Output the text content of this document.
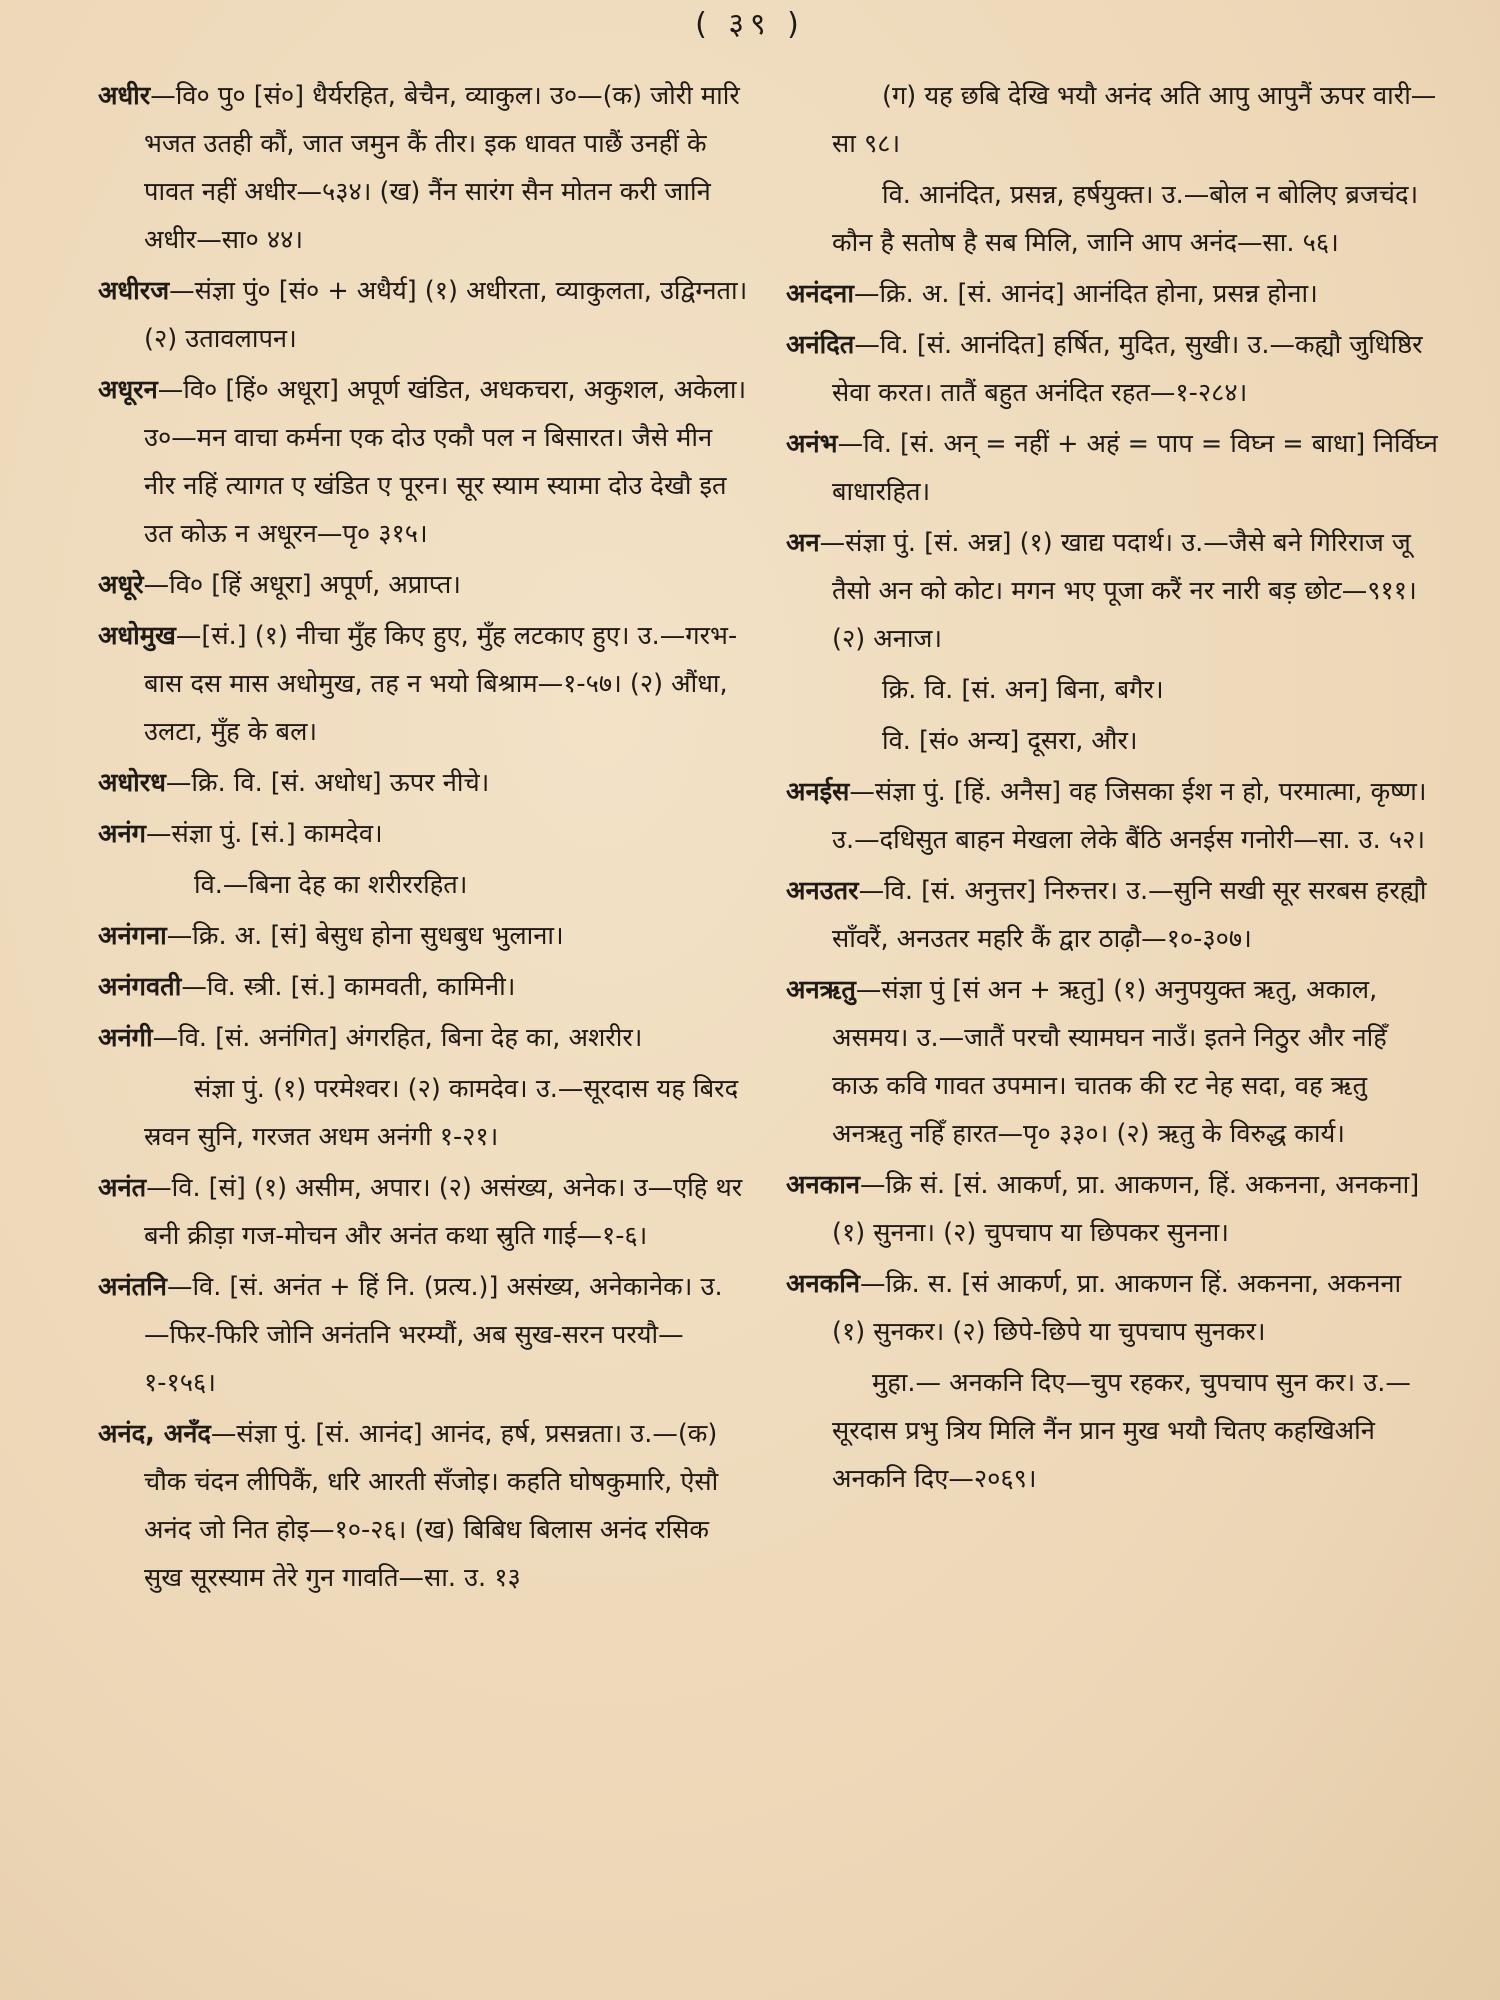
( ३९ )

अधीर—वि० पु० [सं०] धैर्यरहित, बेचैन, व्याकुल। उ०—(क) जोरी मारि भजत उतही कौं, जात जमुन कैं तीर। इक धावत पाछैं उनहीं के पावत नहीं अधीर—५३४। (ख) नैंन सारंग सैन मोतन करी जानि अधीर—सा० ४४।

अधीरज—संज्ञा पुं० [सं० + अधैर्य] (१) अधीरता, व्याकुलता, उद्विग्नता। (२) उतावलापन।

अधूरन—वि० [हिं० अधूरा] अपूर्ण खंडित, अधकचरा, अकुशल, अकेला। उ०—मन वाचा कर्मना एक दोउ एकौ पल न बिसारत। जैसे मीन नीर नहिं त्यागत ए खंडित ए पूरन। सूर स्याम स्यामा दोउ देखौ इत उत कोऊ न अधूरन—पृ० ३१५।

अधूरे—वि० [हिं अधूरा] अपूर्ण, अप्राप्त।

अधोमुख—[सं.] (१) नीचा मुँह किए हुए, मुँह लटकाए हुए। उ.—गरभ-बास दस मास अधोमुख, तह न भयो बिश्राम—१-५७। (२) औंधा, उलटा, मुँह के बल।

अधोरध—क्रि. वि. [सं. अधोध] ऊपर नीचे।

अनंग—संज्ञा पुं. [सं.] कामदेव।

वि.—बिना देह का शरीररहित।

अनंगना—क्रि. अ. [सं] बेसुध होना सुधबुध भुलाना।

अनंगवती—वि. स्त्री. [सं.] कामवती, कामिनी।

अनंगी—वि. [सं. अनंगित] अंगरहित, बिना देह का, अशरीर।

संज्ञा पुं. (१) परमेश्वर। (२) कामदेव। उ.—सूरदास यह बिरद स्रवन सुनि, गरजत अधम अनंगी १-२१।

अनंत—वि. [सं] (१) असीम, अपार। (२) असंख्य, अनेक। उ—एहि थर बनी क्रीड़ा गज-मोचन और अनंत कथा स्रुति गाई—१-६।

अनंतनि—वि. [सं. अनंत + हिं नि. (प्रत्य.)] असंख्य, अनेकानेक। उ.—फिर-फिरि जोनि अनंतनि भरम्यौं, अब सुख-सरन परयौ—१-१५६।

अनंद, अनँद—संज्ञा पुं. [सं. आनंद] आनंद, हर्ष, प्रसन्नता। उ.—(क) चौक चंदन लीपिकैं, धरि आरती सँजोइ। कहति घोषकुमारि, ऐसौ अनंद जो नित होइ—१०-२६। (ख) बिबिध बिलास अनंद रसिक सुख सूरस्याम तेरे गुन गावति—सा. उ. १३

(ग) यह छबि देखि भयौ अनंद अति आपु आपुनैं ऊपर वारी—सा ९८।

वि. आनंदित, प्रसन्न, हर्षयुक्त। उ.—बोल न बोलिए ब्रजचंद। कौन है सतोष है सब मिलि, जानि आप अनंद—सा. ५६।

अनंदना—क्रि. अ. [सं. आनंद] आनंदित होना, प्रसन्न होना।

अनंदित—वि. [सं. आनंदित] हर्षित, मुदित, सुखी। उ.—कह्यौ जुधिष्ठिर सेवा करत। तातैं बहुत अनंदित रहत—१-२८४।

अनंभ—वि. [सं. अन् = नहीं + अहं = पाप = विघ्न = बाधा] निर्विघ्न बाधारहित।

अन—संज्ञा पुं. [सं. अन्न] (१) खाद्य पदार्थ। उ.—जैसे बने गिरिराज जू तैसो अन को कोट। मगन भए पूजा करैं नर नारी बड़ छोट—९११। (२) अनाज।

क्रि. वि. [सं. अन] बिना, बगैर।

वि. [सं० अन्य] दूसरा, और।

अनईस—संज्ञा पुं. [हिं. अनैस] वह जिसका ईश न हो, परमात्मा, कृष्ण। उ.—दधिसुत बाहन मेखला लेके बैंठि अनईस गनोरी—सा. उ. ५२।

अनउतर—वि. [सं. अनुत्तर] निरुत्तर। उ.—सुनि सखी सूर सरबस हरह्यौ साँवरैं, अनउतर महरि कैं द्वार ठाढ़ौ—१०-३०७।

अनऋतु—संज्ञा पुं [सं अन + ऋतु] (१) अनुपयुक्त ऋतु, अकाल, असमय। उ.—जातैं परचौ स्यामघन नाउँ। इतने निठुर और नहिँ काऊ कवि गावत उपमान। चातक की रट नेह सदा, वह ऋतु अनऋतु नहिँ हारत—पृ० ३३०। (२) ऋतु के विरुद्ध कार्य।

अनकान—क्रि सं. [सं. आकर्ण, प्रा. आकणन, हिं. अकनना, अनकना] (१) सुनना। (२) चुपचाप या छिपकर सुनना।

अनकनि—क्रि. स. [सं आकर्ण, प्रा. आकणन हिं. अकनना, अकनना (१) सुनकर। (२) छिपे-छिपे या चुपचाप सुनकर।

मुहा.— अनकनि दिए—चुप रहकर, चुपचाप सुन कर। उ.—सूरदास प्रभु त्रिय मिलि नैंन प्रान मुख भयौ चितए कहखिअनि अनकनि दिए—२०६९।
